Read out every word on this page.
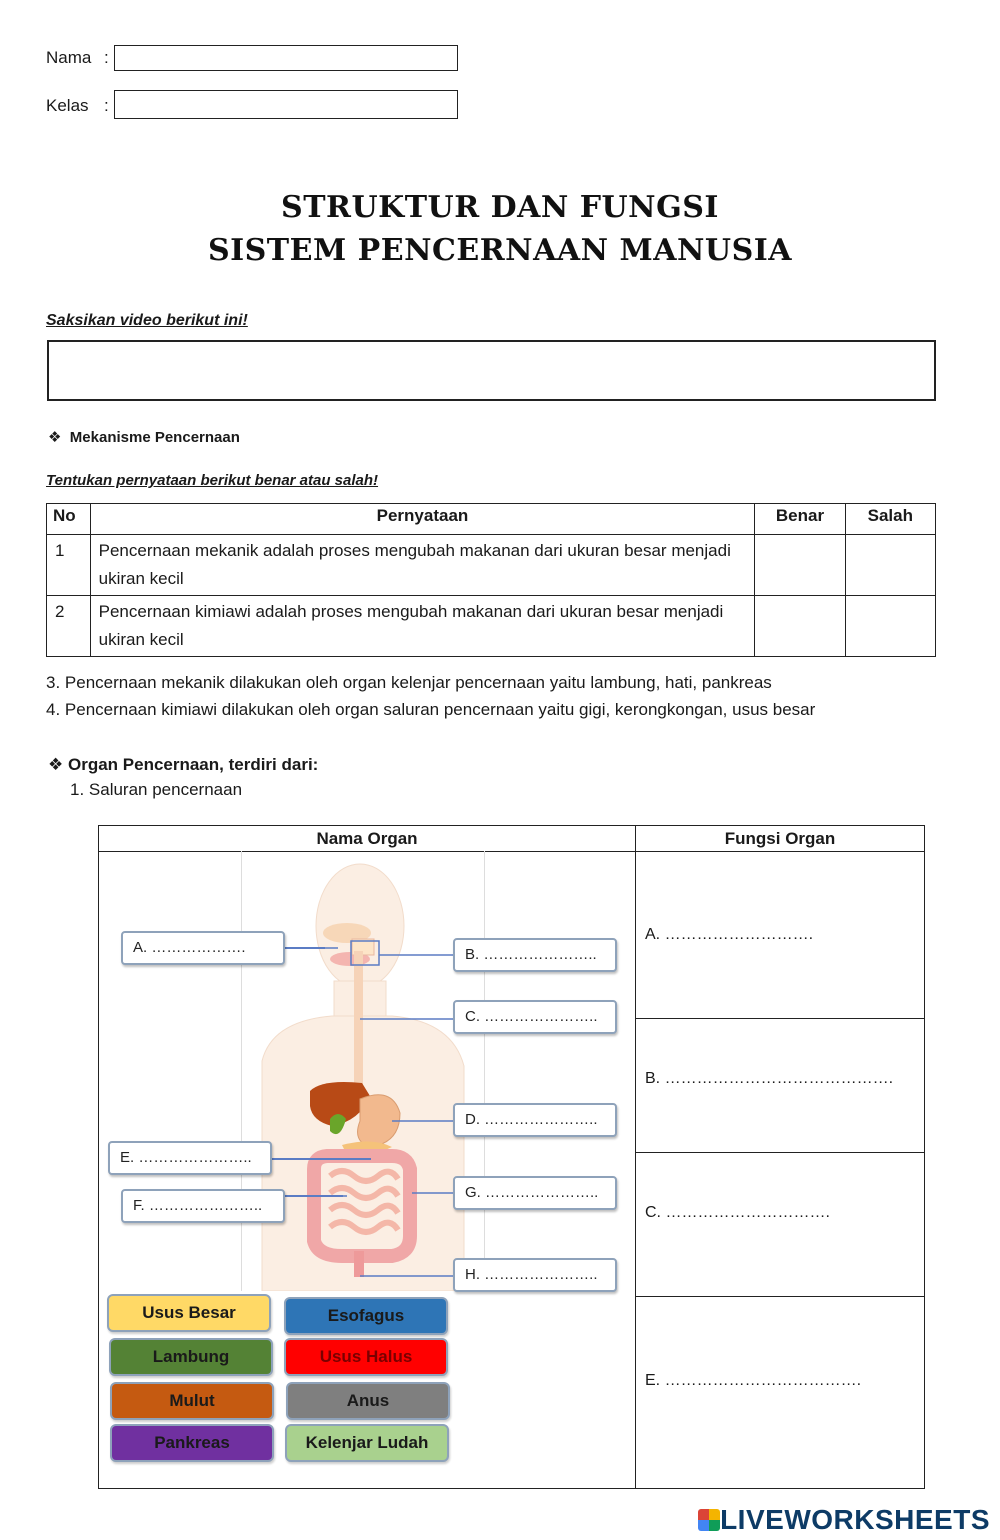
Nama :
Kelas :
STRUKTUR DAN FUNGSI
SISTEM PENCERNAAN MANUSIA
Saksikan video berikut ini!
❖ Mekanisme Pencernaan
Tentukan pernyataan berikut benar atau salah!
No	Pernyataan	Benar	Salah
1	Pencernaan mekanik adalah proses mengubah makanan dari ukuran besar menjadi ukiran kecil		
2	Pencernaan kimiawi adalah proses mengubah makanan dari ukuran besar menjadi ukiran kecil		
3. Pencernaan mekanik dilakukan oleh organ kelenjar pencernaan yaitu lambung, hati, pankreas
4. Pencernaan kimiawi dilakukan oleh organ saluran pencernaan yaitu gigi, kerongkongan, usus besar
❖ Organ Pencernaan, terdiri dari:
1. Saluran pencernaan
Nama Organ	Fungsi Organ
A. ……………………….
B. …………………………………….
C. ………………………….
E. ……………………………….
A. ……………….	B. …………………..
C. …………………..
D. …………………..
E. …………………..
F. …………………..
G. …………………..
H. …………………..
Usus Besar	Esofagus
Lambung	Usus Halus
Mulut	Anus
Pankreas	Kelenjar Ludah
LIVEWORKSHEETS
